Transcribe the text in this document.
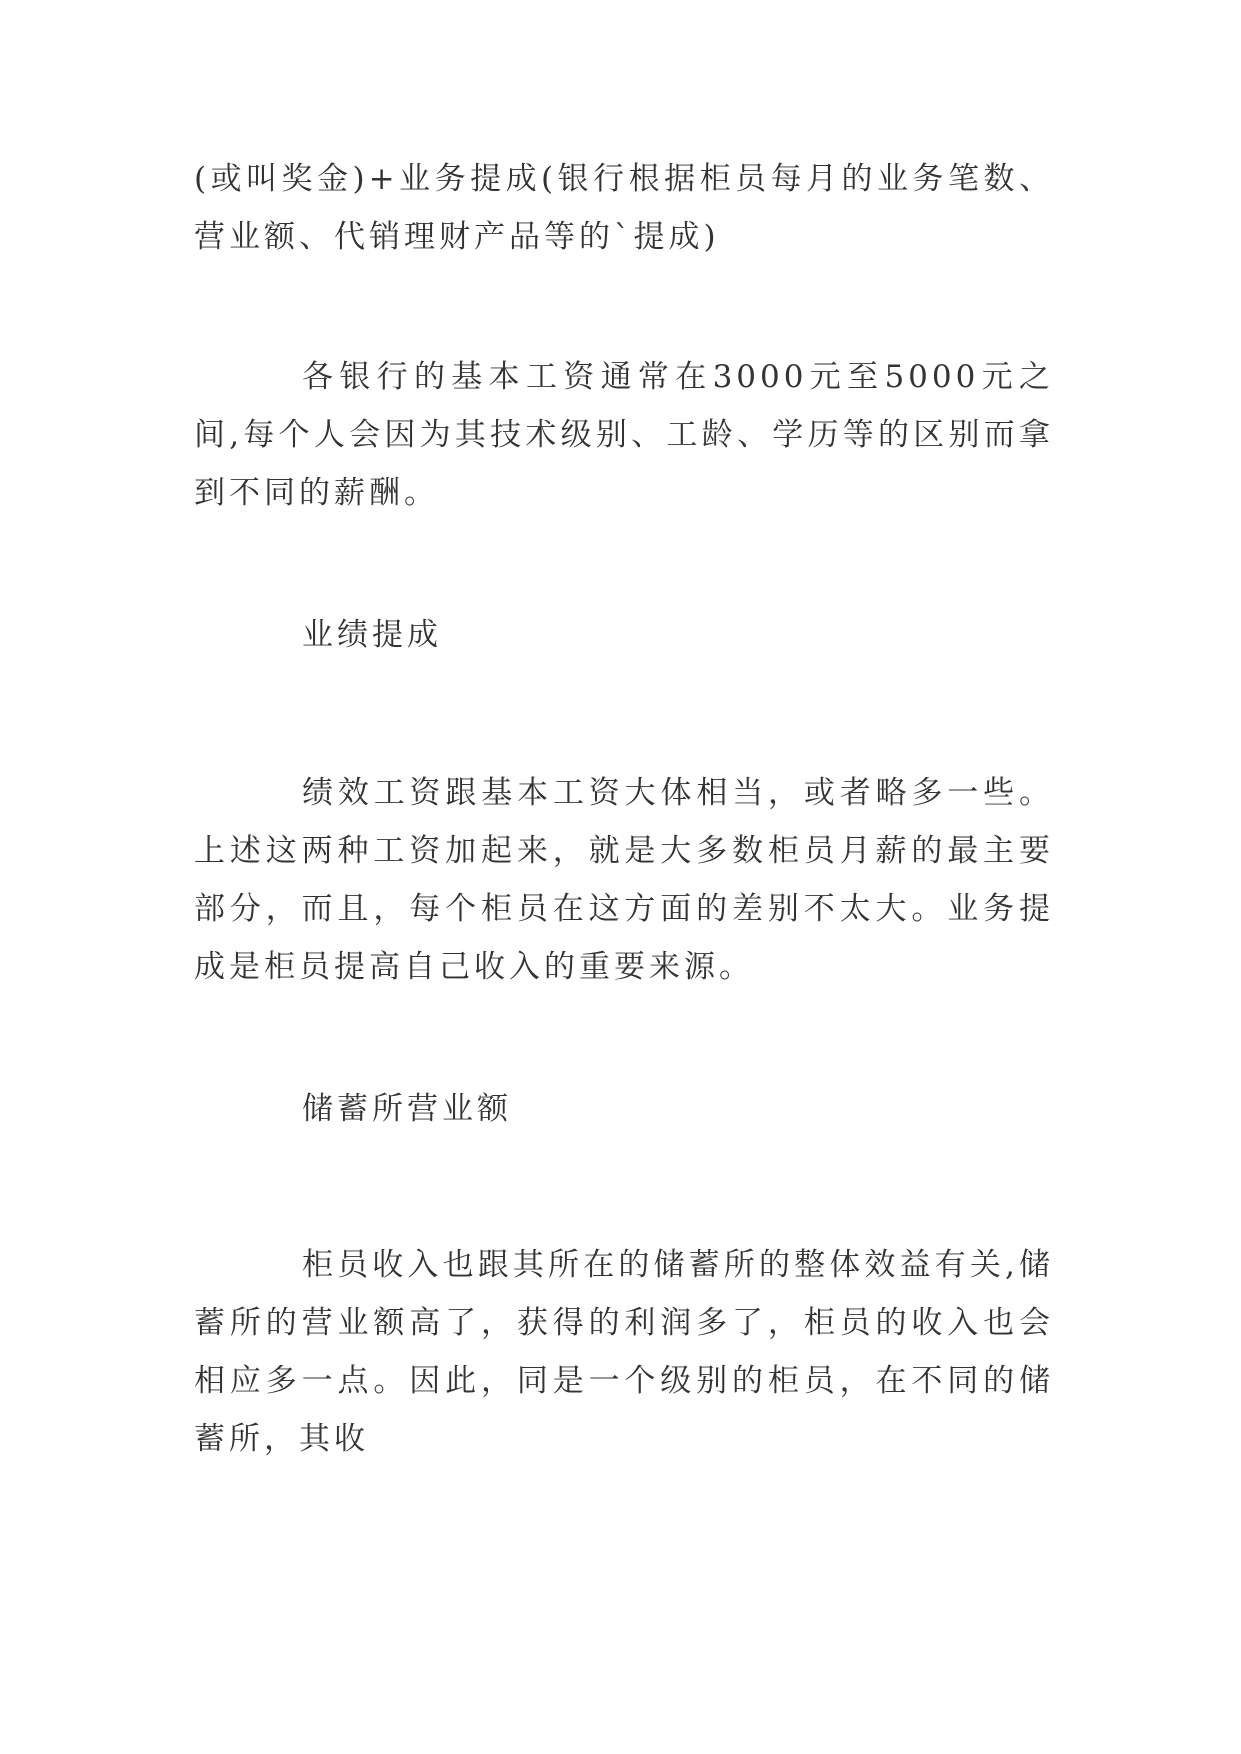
(或叫奖金)+业务提成(银行根据柜员每月的业务笔数、营业额、代销理财产品等的`提成)

各银行的基本工资通常在3000元至5000元之间,每个人会因为其技术级别、工龄、学历等的区别而拿到不同的薪酬。

业绩提成

绩效工资跟基本工资大体相当，或者略多一些。上述这两种工资加起来，就是大多数柜员月薪的最主要部分，而且，每个柜员在这方面的差别不太大。业务提成是柜员提高自己收入的重要来源。

储蓄所营业额

柜员收入也跟其所在的储蓄所的整体效益有关,储蓄所的营业额高了，获得的利润多了，柜员的收入也会相应多一点。因此，同是一个级别的柜员，在不同的储蓄所，其收
